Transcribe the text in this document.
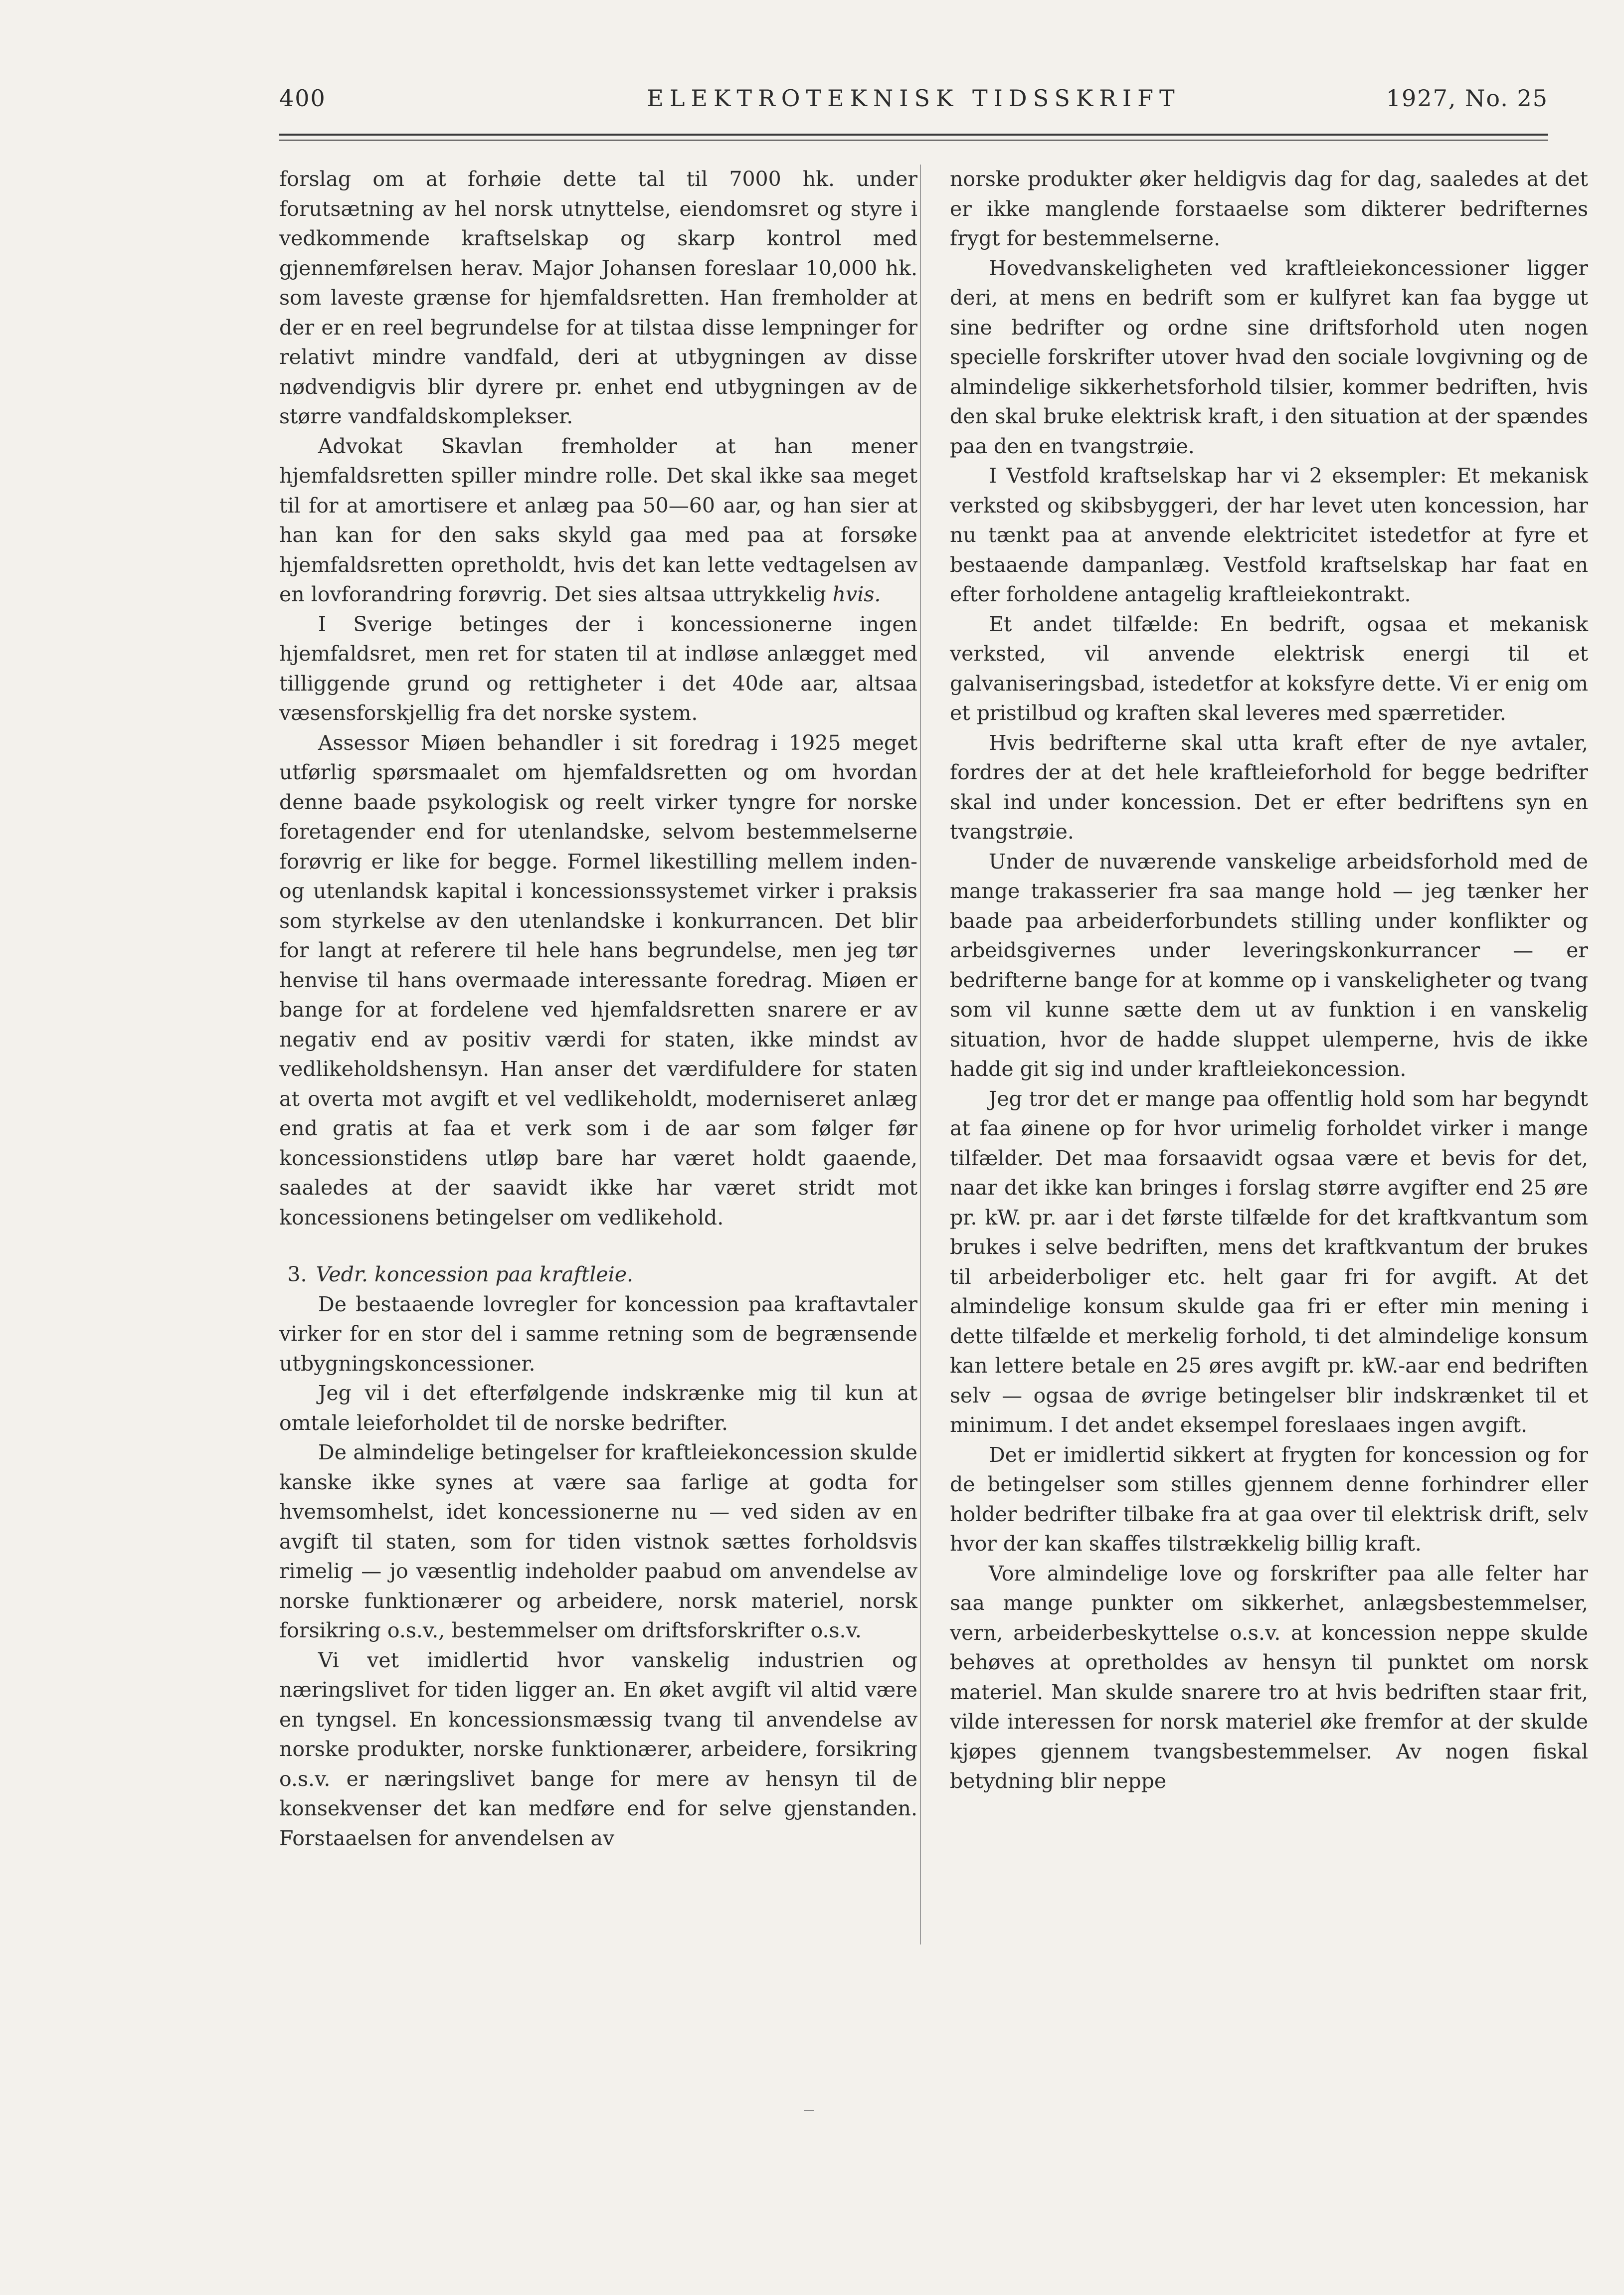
400	ELEKTROTEKNISK TIDSSKRIFT	1927, No. 25

forslag om at forhøie dette tal til 7000 hk. under forutsætning av hel norsk utnyttelse, eiendomsret og styre i vedkommende kraftselskap og skarp kontrol med gjennemførelsen herav. Major Johansen foreslaar 10,000 hk. som laveste grænse for hjemfaldsretten. Han fremholder at der er en reel begrundelse for at tilstaa disse lempninger for relativt mindre vandfald, deri at utbygningen av disse nødvendigvis blir dyrere pr. enhet end utbygningen av de større vandfaldskomplekser.

Advokat Skavlan fremholder at han mener hjemfaldsretten spiller mindre rolle. Det skal ikke saa meget til for at amortisere et anlæg paa 50—60 aar, og han sier at han kan for den saks skyld gaa med paa at forsøke hjemfaldsretten opretholdt, hvis det kan lette vedtagelsen av en lovforandring forøvrig. Det sies altsaa uttrykkelig hvis.

I Sverige betinges der i koncessionerne ingen hjemfaldsret, men ret for staten til at indløse anlægget med tilliggende grund og rettigheter i det 40de aar, altsaa væsensforskjellig fra det norske system.

Assessor Miøen behandler i sit foredrag i 1925 meget utførlig spørsmaalet om hjemfaldsretten og om hvordan denne baade psykologisk og reelt virker tyngre for norske foretagender end for utenlandske, selvom bestemmelserne forøvrig er like for begge. Formel likestilling mellem inden- og utenlandsk kapital i koncessionssystemet virker i praksis som styrkelse av den utenlandske i konkurrancen. Det blir for langt at referere til hele hans begrundelse, men jeg tør henvise til hans overmaade interessante foredrag. Miøen er bange for at fordelene ved hjemfaldsretten snarere er av negativ end av positiv værdi for staten, ikke mindst av vedlikeholdshensyn. Han anser det værdifuldere for staten at overta mot avgift et vel vedlikeholdt, moderniseret anlæg end gratis at faa et verk som i de aar som følger før koncessionstidens utløp bare har været holdt gaaende, saaledes at der saavidt ikke har været stridt mot koncessionens betingelser om vedlikehold.

3. Vedr. koncession paa kraftleie.

De bestaaende lovregler for koncession paa kraftavtaler virker for en stor del i samme retning som de begrænsende utbygningskoncessioner.

Jeg vil i det efterfølgende indskrænke mig til kun at omtale leieforholdet til de norske bedrifter.

De almindelige betingelser for kraftleiekoncession skulde kanske ikke synes at være saa farlige at godta for hvemsomhelst, idet koncessionerne nu — ved siden av en avgift til staten, som for tiden vistnok sættes forholdsvis rimelig — jo væsentlig indeholder paabud om anvendelse av norske funktionærer og arbeidere, norsk materiel, norsk forsikring o.s.v., bestemmelser om driftsforskrifter o.s.v.

Vi vet imidlertid hvor vanskelig industrien og næringslivet for tiden ligger an. En øket avgift vil altid være en tyngsel. En koncessionsmæssig tvang til anvendelse av norske produkter, norske funktionærer, arbeidere, forsikring o.s.v. er næringslivet bange for mere av hensyn til de konsekvenser det kan medføre end for selve gjenstanden. Forstaaelsen for anvendelsen av

norske produkter øker heldigvis dag for dag, saaledes at det er ikke manglende forstaaelse som dikterer bedrifternes frygt for bestemmelserne.

Hovedvanskeligheten ved kraftleiekoncessioner ligger deri, at mens en bedrift som er kulfyret kan faa bygge ut sine bedrifter og ordne sine driftsforhold uten nogen specielle forskrifter utover hvad den sociale lovgivning og de almindelige sikkerhetsforhold tilsier, kommer bedriften, hvis den skal bruke elektrisk kraft, i den situation at der spændes paa den en tvangstrøie.

I Vestfold kraftselskap har vi 2 eksempler: Et mekanisk verksted og skibsbyggeri, der har levet uten koncession, har nu tænkt paa at anvende elektricitet istedetfor at fyre et bestaaende dampanlæg. Vestfold kraftselskap har faat en efter forholdene antagelig kraftleiekontrakt.

Et andet tilfælde: En bedrift, ogsaa et mekanisk verksted, vil anvende elektrisk energi til et galvaniseringsbad, istedetfor at koksfyre dette. Vi er enig om et pristilbud og kraften skal leveres med spærretider.

Hvis bedrifterne skal utta kraft efter de nye avtaler, fordres der at det hele kraftleieforhold for begge bedrifter skal ind under koncession. Det er efter bedriftens syn en tvangstrøie.

Under de nuværende vanskelige arbeidsforhold med de mange trakasserier fra saa mange hold — jeg tænker her baade paa arbeiderforbundets stilling under konflikter og arbeidsgivernes under leveringskonkurrancer — er bedrifterne bange for at komme op i vanskeligheter og tvang som vil kunne sætte dem ut av funktion i en vanskelig situation, hvor de hadde sluppet ulemperne, hvis de ikke hadde git sig ind under kraftleiekoncession.

Jeg tror det er mange paa offentlig hold som har begyndt at faa øinene op for hvor urimelig forholdet virker i mange tilfælder. Det maa forsaavidt ogsaa være et bevis for det, naar det ikke kan bringes i forslag større avgifter end 25 øre pr. kW. pr. aar i det første tilfælde for det kraftkvantum som brukes i selve bedriften, mens det kraftkvantum der brukes til arbeiderboliger etc. helt gaar fri for avgift. At det almindelige konsum skulde gaa fri er efter min mening i dette tilfælde et merkelig forhold, ti det almindelige konsum kan lettere betale en 25 øres avgift pr. kW.-aar end bedriften selv — ogsaa de øvrige betingelser blir indskrænket til et minimum. I det andet eksempel foreslaaes ingen avgift.

Det er imidlertid sikkert at frygten for koncession og for de betingelser som stilles gjennem denne forhindrer eller holder bedrifter tilbake fra at gaa over til elektrisk drift, selv hvor der kan skaffes tilstrækkelig billig kraft.

Vore almindelige love og forskrifter paa alle felter har saa mange punkter om sikkerhet, anlægsbestemmelser, vern, arbeiderbeskyttelse o.s.v. at koncession neppe skulde behøves at opretholdes av hensyn til punktet om norsk materiel. Man skulde snarere tro at hvis bedriften staar frit, vilde interessen for norsk materiel øke fremfor at der skulde kjøpes gjennem tvangsbestemmelser. Av nogen fiskal betydning blir neppe
